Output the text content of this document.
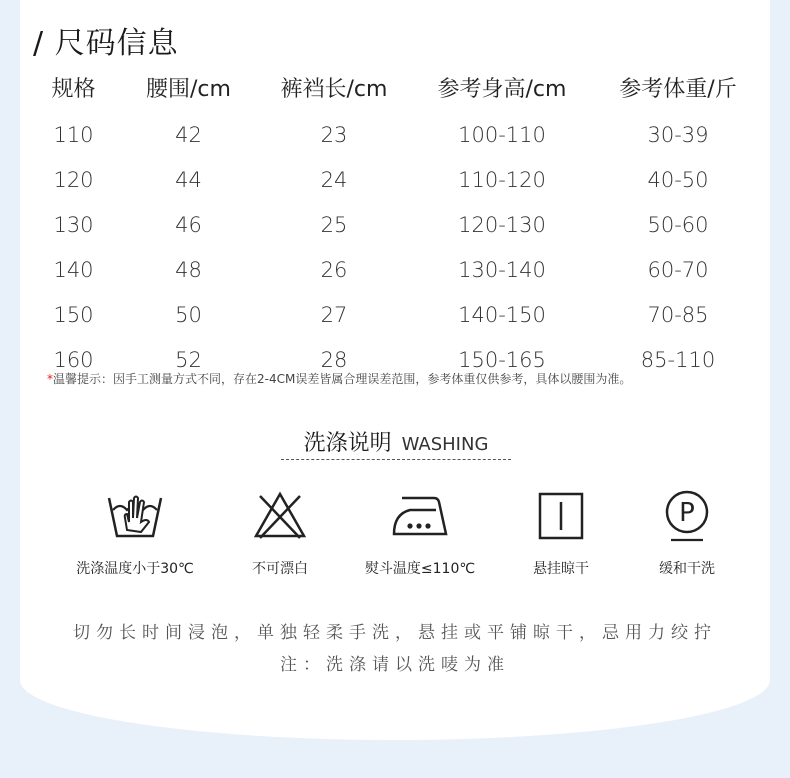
/ 尺码信息
规格	腰围/cm	裤裆长/cm	参考身高/cm	参考体重/斤
110	42	23	100-110	30-39
120	44	24	110-120	40-50
130	46	25	120-130	50-60
140	48	26	130-140	60-70
150	50	27	140-150	70-85
160	52	28	150-165	85-110
*温馨提示：因手工测量方式不同，存在2-4CM误差皆属合理误差范围，参考体重仅供参考，具体以腰围为准。
洗涤说明 WASHING
洗涤温度小于30℃	不可漂白	熨斗温度≤110℃	悬挂晾干
P
缓和干洗
切勿长时间浸泡，单独轻柔手洗，悬挂或平铺晾干，忌用力绞拧
注：洗涤请以洗唛为准
